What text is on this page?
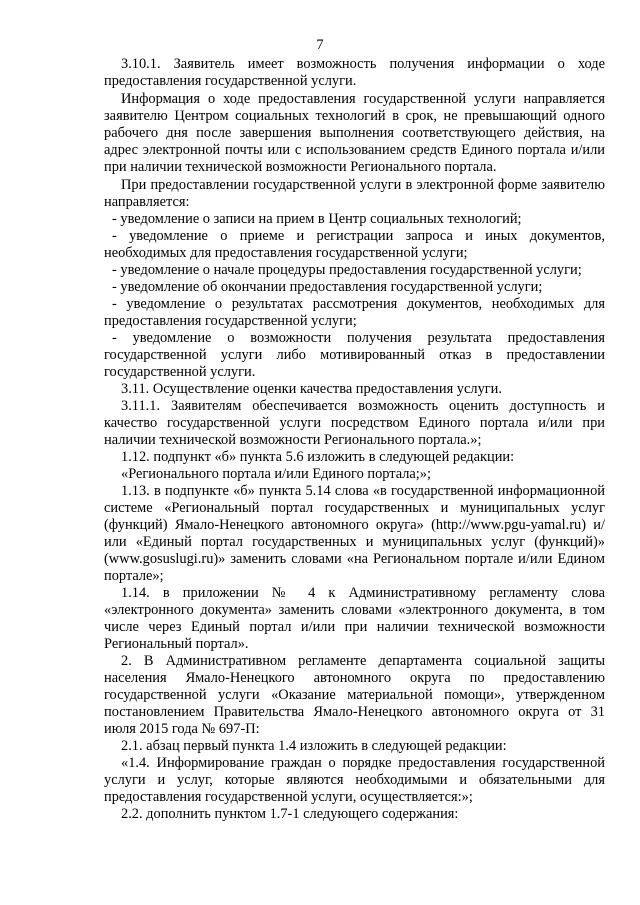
7

3.10.1. Заявитель имеет возможность получения информации о ходе предоставления государственной услуги.

Информация о ходе предоставления государственной услуги направляется заявителю Центром социальных технологий в срок, не превышающий одного рабочего дня после завершения выполнения соответствующего действия, на адрес электронной почты или с использованием средств Единого портала и/или при наличии технической возможности Регионального портала.

При предоставлении государственной услуги в электронной форме заявителю направляется:

- уведомление о записи на прием в Центр социальных технологий;

- уведомление о приеме и регистрации запроса и иных документов, необходимых для предоставления государственной услуги;

- уведомление о начале процедуры предоставления государственной услуги;

- уведомление об окончании предоставления государственной услуги;

- уведомление о результатах рассмотрения документов, необходимых для предоставления государственной услуги;

- уведомление о возможности получения результата предоставления государственной услуги либо мотивированный отказ в предоставлении государственной услуги.

3.11. Осуществление оценки качества предоставления услуги.

3.11.1. Заявителям обеспечивается возможность оценить доступность и качество государственной услуги посредством Единого портала и/или при наличии технической возможности Регионального портала.»;

1.12. подпункт «б» пункта 5.6 изложить в следующей редакции:

«Регионального портала и/или Единого портала;»;

1.13. в подпункте «б» пункта 5.14 слова «в государственной информационной системе «Региональный портал государственных и муниципальных услуг (функций) Ямало-Ненецкого автономного округа» (http://www.pgu-yamal.ru) и/или «Единый портал государственных и муниципальных услуг (функций)» (www.gosuslugi.ru)» заменить словами «на Региональном портале и/или Едином портале»;

1.14. в приложении № 4 к Административному регламенту слова «электронного документа» заменить словами «электронного документа, в том числе через Единый портал и/или при наличии технической возможности Региональный портал».

2. В Административном регламенте департамента социальной защиты населения Ямало-Ненецкого автономного округа по предоставлению государственной услуги «Оказание материальной помощи», утвержденном постановлением Правительства Ямало-Ненецкого автономного округа от 31 июля 2015 года № 697-П:

2.1. абзац первый пункта 1.4 изложить в следующей редакции:

«1.4. Информирование граждан о порядке предоставления государственной услуги и услуг, которые являются необходимыми и обязательными для предоставления государственной услуги, осуществляется:»;

2.2. дополнить пунктом 1.7-1 следующего содержания:
